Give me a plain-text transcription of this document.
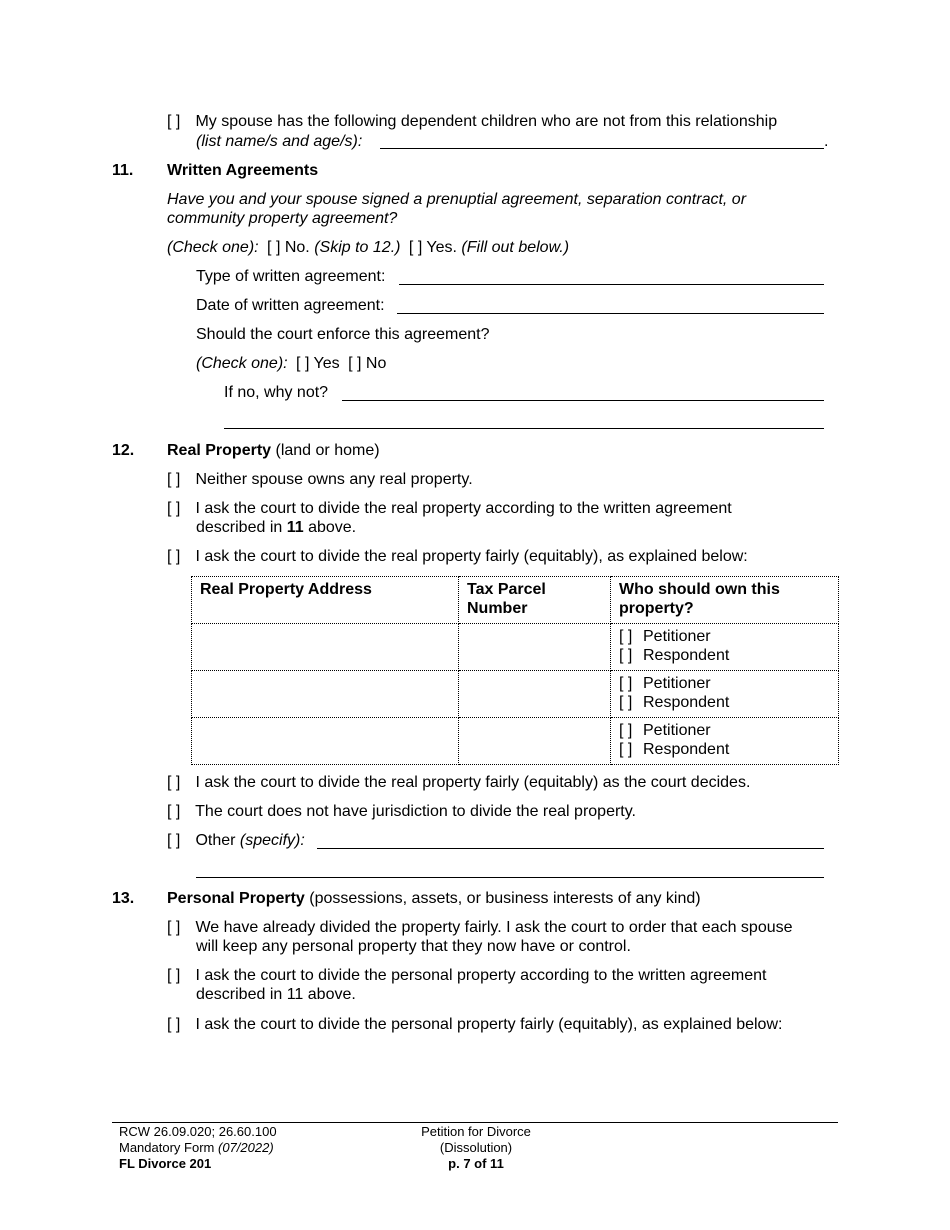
[ ] My spouse has the following dependent children who are not from this relationship
(list name/s and age/s):	.
11. Written Agreements
Have you and your spouse signed a prenuptial agreement, separation contract, or
community property agreement?
(Check one): [ ] No. (Skip to 12.) [ ] Yes. (Fill out below.)
Type of written agreement:
Date of written agreement:
Should the court enforce this agreement?
(Check one): [ ] Yes [ ] No
If no, why not?
12. Real Property (land or home)
[ ] Neither spouse owns any real property.
[ ] I ask the court to divide the real property according to the written agreement
described in 11 above.
[ ] I ask the court to divide the real property fairly (equitably), as explained below:
Real Property Address	Tax Parcel Number	Who should own this property?

		[ ] Petitioner
[ ] Respondent

		[ ] Petitioner
[ ] Respondent

		[ ] Petitioner
[ ] Respondent
[ ] I ask the court to divide the real property fairly (equitably) as the court decides.
[ ] The court does not have jurisdiction to divide the real property.
[ ] Other (specify):
13. Personal Property (possessions, assets, or business interests of any kind)
[ ] We have already divided the property fairly. I ask the court to order that each spouse
will keep any personal property that they now have or control.
[ ] I ask the court to divide the personal property according to the written agreement
described in 11 above.
[ ] I ask the court to divide the personal property fairly (equitably), as explained below:
RCW 26.09.020; 26.60.100
Mandatory Form (07/2022)
FL Divorce 201
Petition for Divorce
(Dissolution)
p. 7 of 11
